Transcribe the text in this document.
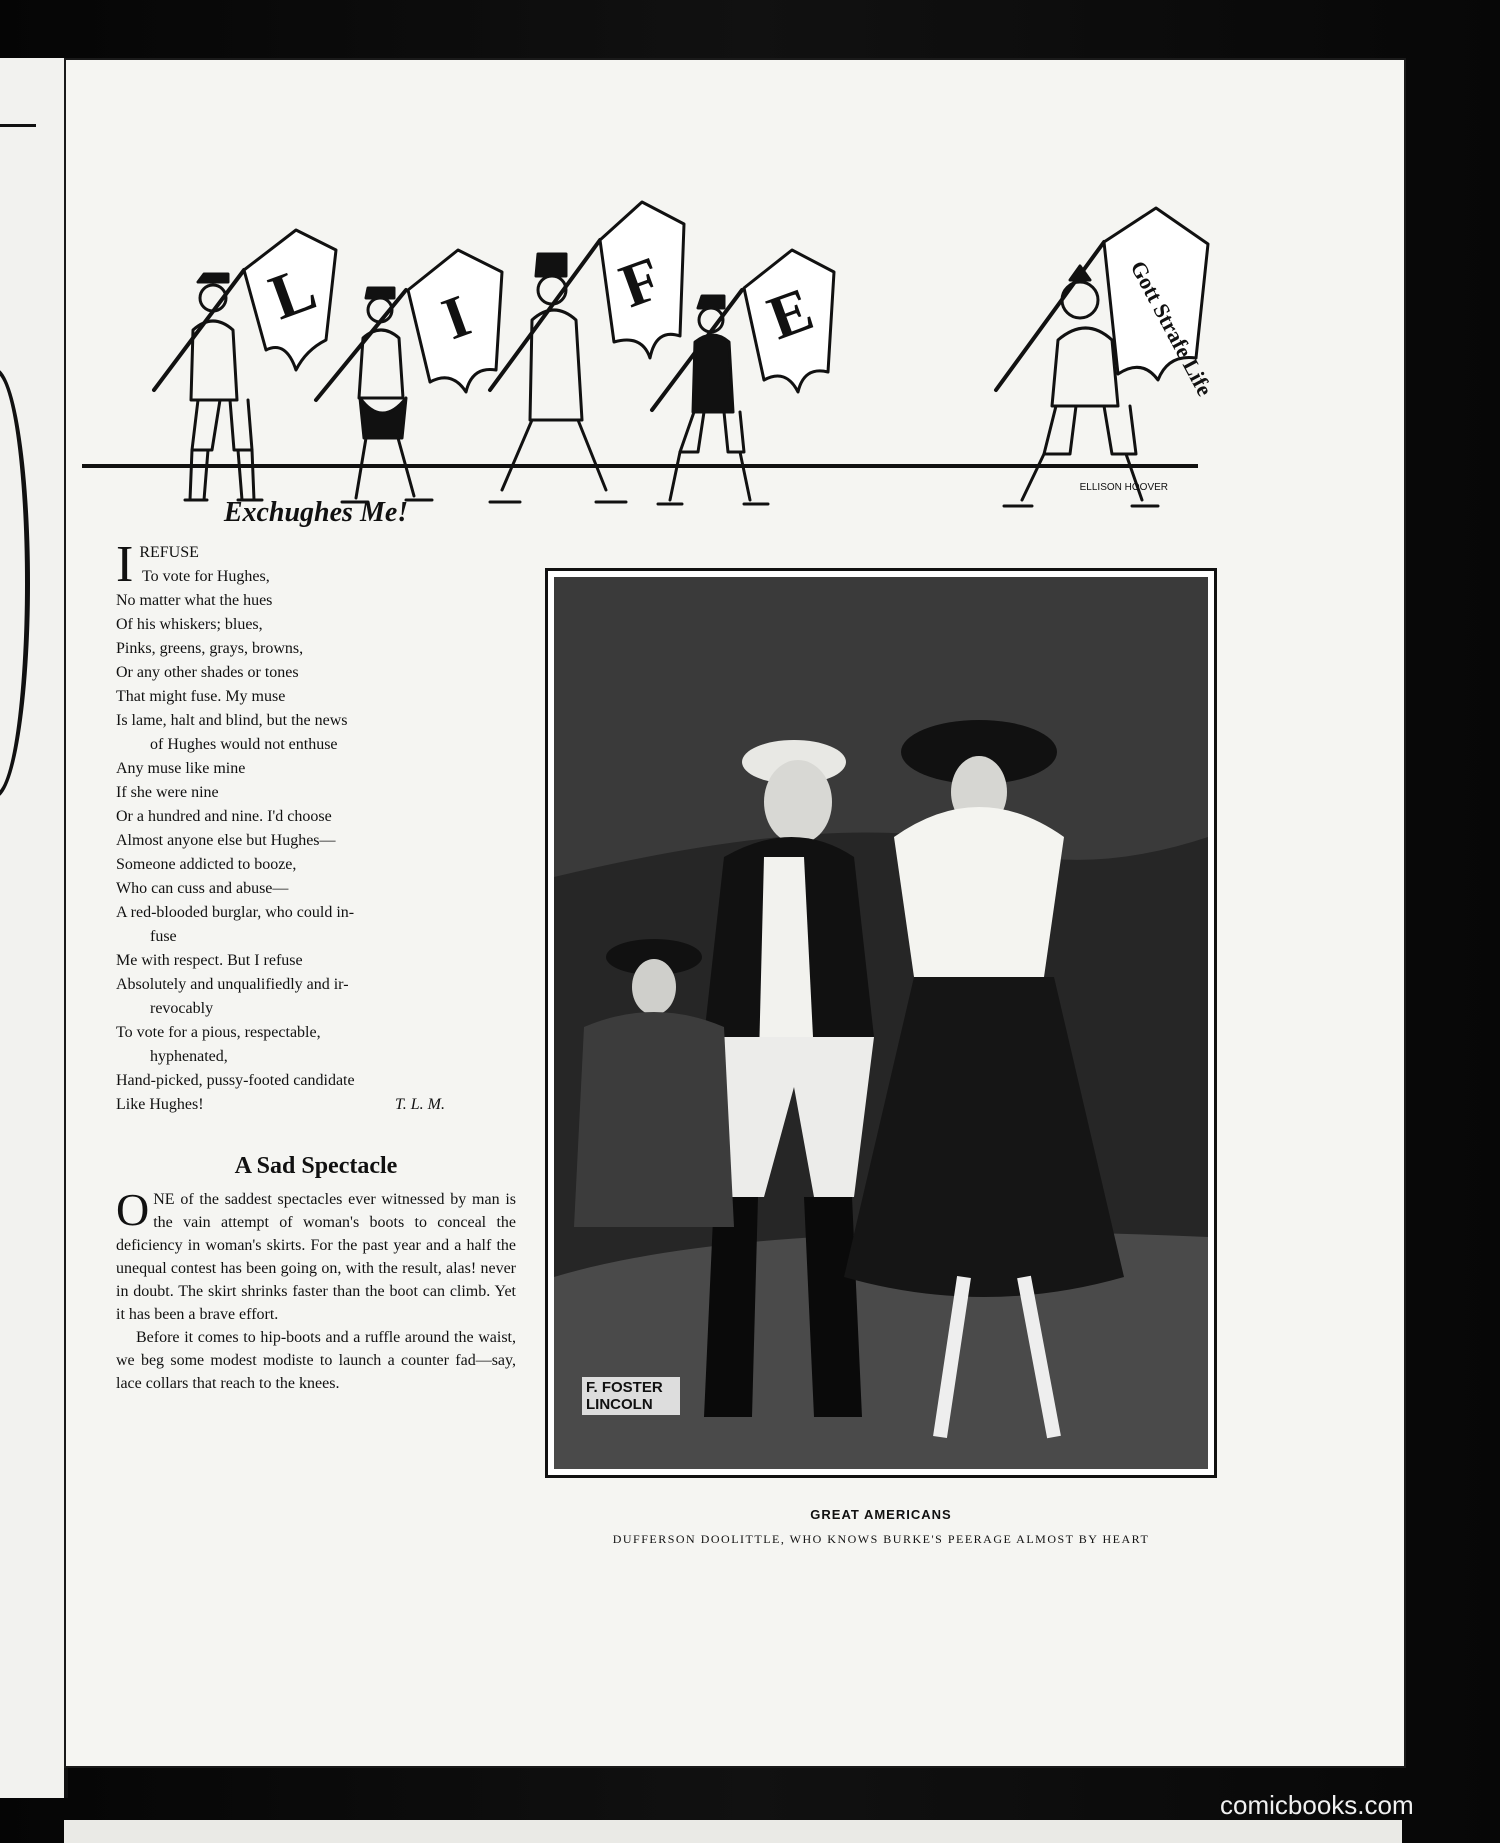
L I F E	Gott Strafe Life
ELLISON HOOVER
Exchughes Me!
I REFUSE
To vote for Hughes,
No matter what the hues
Of his whiskers; blues,
Pinks, greens, grays, browns,
Or any other shades or tones
That might fuse. My muse
Is lame, halt and blind, but the news
of Hughes would not enthuse
Any muse like mine
If she were nine
Or a hundred and nine. I'd choose
Almost anyone else but Hughes—
Someone addicted to booze,
Who can cuss and abuse—
A red-blooded burglar, who could in-
fuse
Me with respect. But I refuse
Absolutely and unqualifiedly and ir-
revocably
To vote for a pious, respectable,
hyphenated,
Hand-picked, pussy-footed candidate
Like Hughes!	T. L. M.
A Sad Spectacle

ONE of the saddest spectacles ever witnessed by man is the vain attempt of woman's boots to conceal the deficiency in woman's skirts. For the past year and a half the unequal contest has been going on, with the result, alas! never in doubt. The skirt shrinks faster than the boot can climb. Yet it has been a brave effort.

Before it comes to hip-boots and a ruffle around the waist, we beg some modest modiste to launch a counter fad—say, lace collars that reach to the knees.	F. FOSTER LINCOLN
GREAT AMERICANS
DUFFERSON DOOLITTLE, WHO KNOWS BURKE'S PEERAGE ALMOST BY HEART
comicbooks.com
